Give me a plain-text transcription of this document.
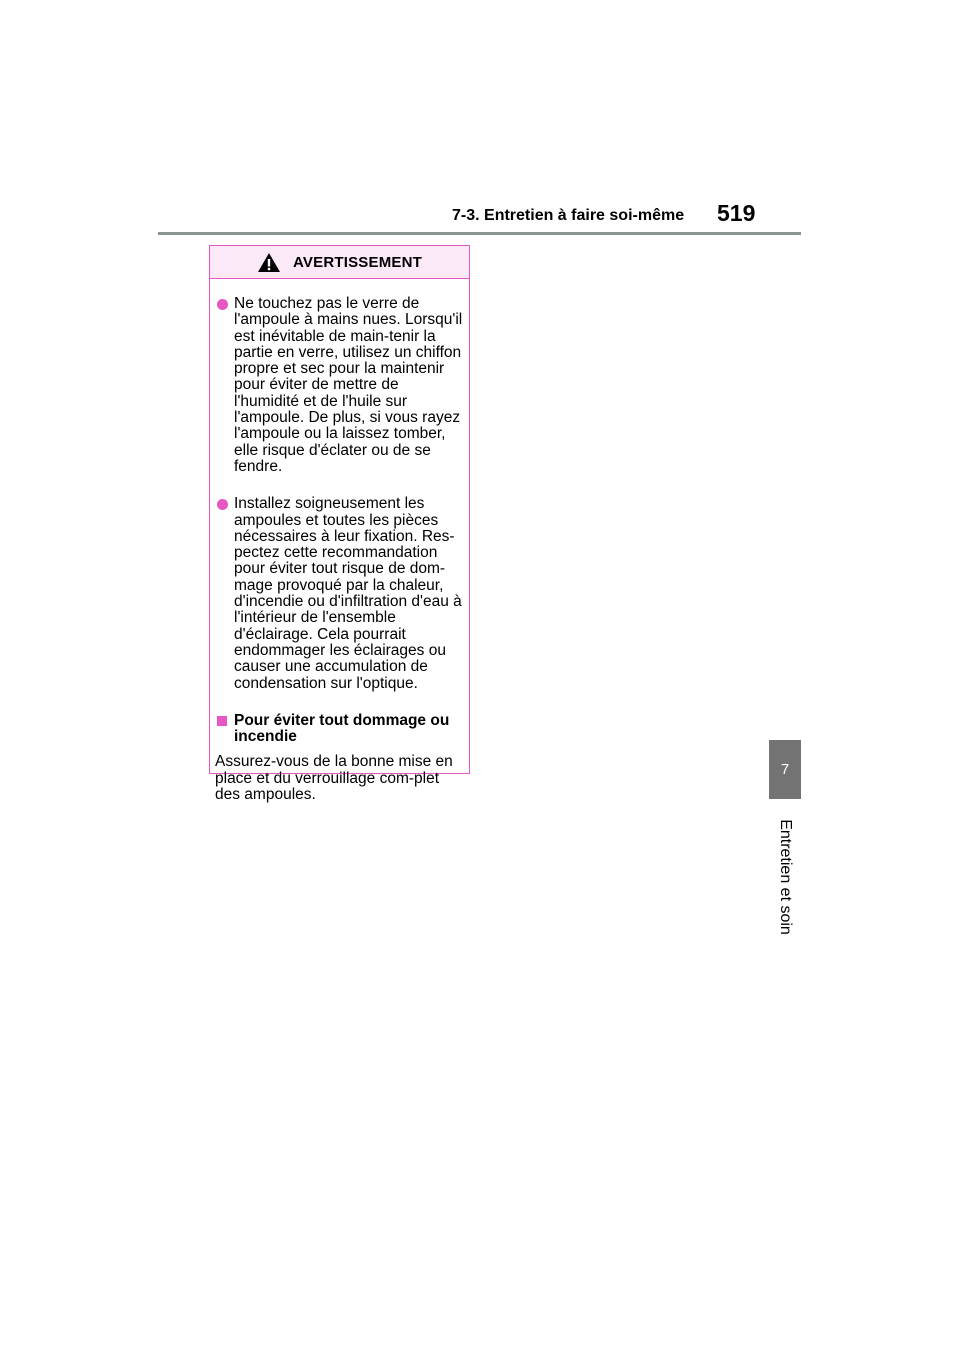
7-3. Entretien à faire soi-même 519
7
Entretien et soin
AVERTISSEMENT
Ne touchez pas le verre de l'ampoule à mains nues. Lorsqu'il est inévitable de main-tenir la partie en verre, utilisez un chiffon propre et sec pour la maintenir pour éviter de mettre de l'humidité et de l'huile sur l'ampoule. De plus, si vous rayez l'ampoule ou la laissez tomber, elle risque d'éclater ou de se fendre.
Installez soigneusement les ampoules et toutes les pièces nécessaires à leur fixation. Res-pectez cette recommandation pour éviter tout risque de dom-mage provoqué par la chaleur, d'incendie ou d'infiltration d'eau à l'intérieur de l'ensemble d'éclairage. Cela pourrait endommager les éclairages ou causer une accumulation de condensation sur l'optique.
Pour éviter tout dommage ou incendie
Assurez-vous de la bonne mise en place et du verrouillage com-plet des ampoules.
